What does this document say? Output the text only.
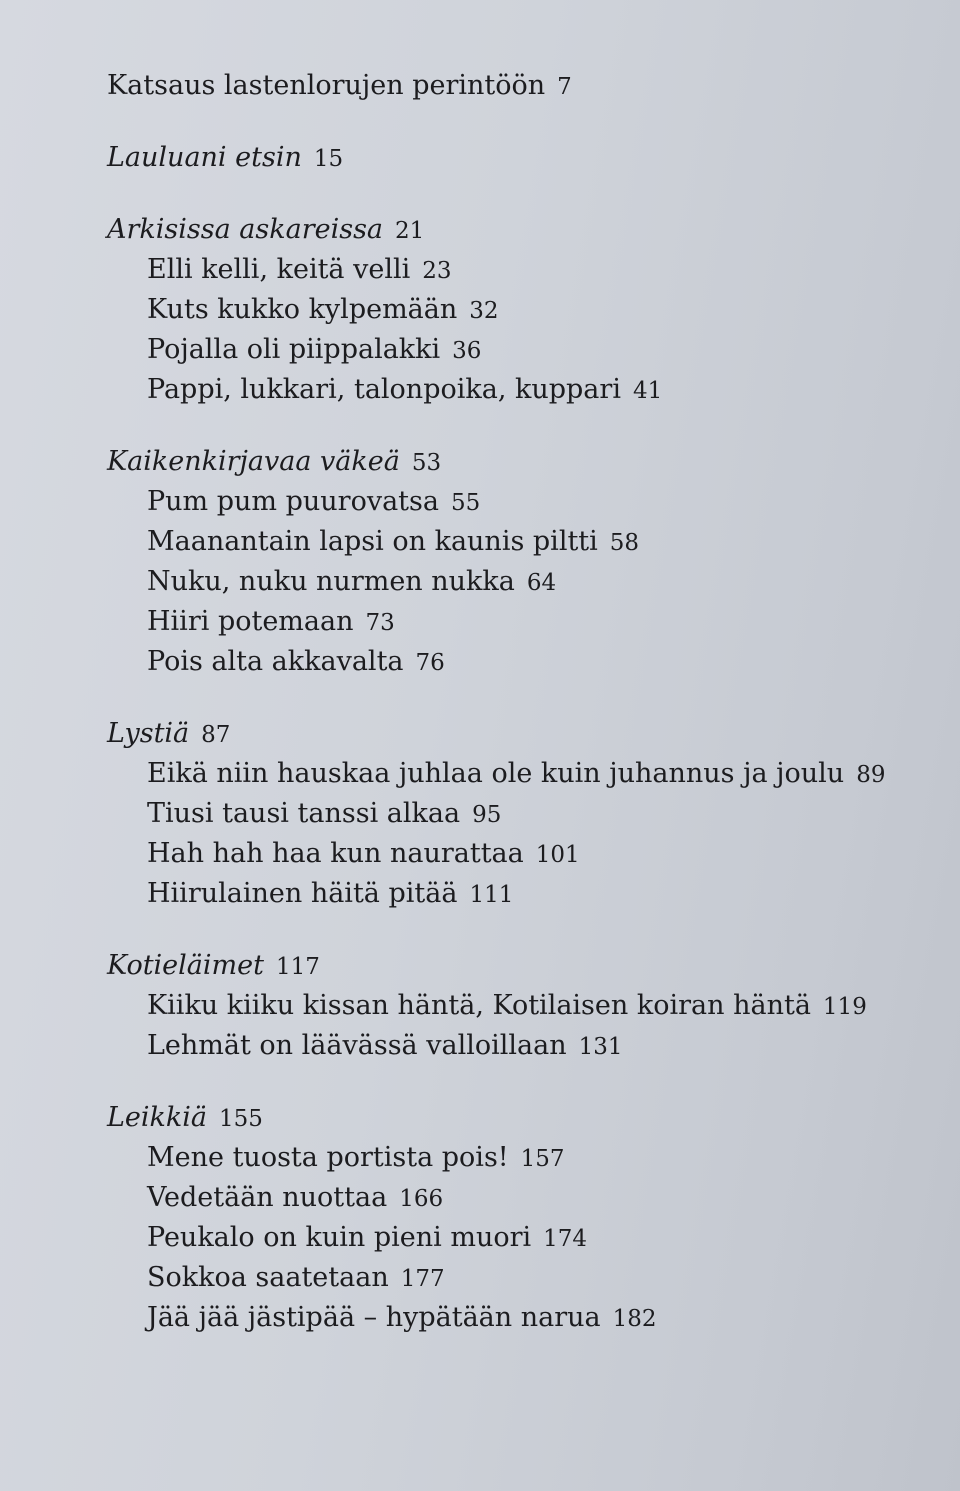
Katsaus lastenlorujen perintöön 7
Lauluani etsin 15
Arkisissa askareissa 21
Elli kelli, keitä velli 23
Kuts kukko kylpemään 32
Pojalla oli piippalakki 36
Pappi, lukkari, talonpoika, kuppari 41
Kaikenkirjavaa väkeä 53
Pum pum puurovatsa 55
Maanantain lapsi on kaunis piltti 58
Nuku, nuku nurmen nukka 64
Hiiri potemaan 73
Pois alta akkavalta 76
Lystiä 87
Eikä niin hauskaa juhlaa ole kuin juhannus ja joulu 89
Tiusi tausi tanssi alkaa 95
Hah hah haa kun naurattaa 101
Hiirulainen häitä pitää 111
Kotieläimet 117
Kiiku kiiku kissan häntä, Kotilaisen koiran häntä 119
Lehmät on läävässä valloillaan 131
Leikkiä 155
Mene tuosta portista pois! 157
Vedetään nuottaa 166
Peukalo on kuin pieni muori 174
Sokkoa saatetaan 177
Jää jää jästipää – hypätään narua 182
